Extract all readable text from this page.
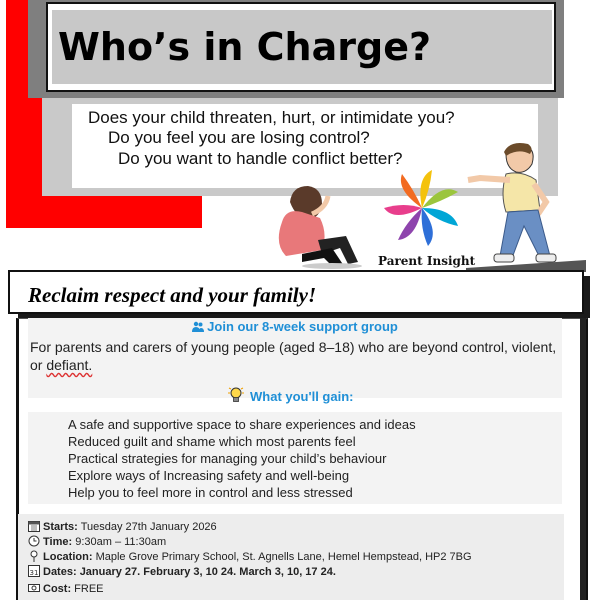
Who’s in Charge?
Does your child threaten, hurt, or intimidate you?
Do you feel you are losing control?
Do you want to handle conflict better?
Parent Insight
Reclaim respect and your family!
Join our 8-week support group
For parents and carers of young people (aged 8–18) who are beyond control, violent, or defiant.
What you'll gain:
A safe and supportive space to share experiences and ideas
Reduced guilt and shame which most parents feel
Practical strategies for managing your child’s behaviour
Explore ways of Increasing safety and well-being
Help you to feel more in control and less stressed
Starts: Tuesday 27th January 2026
Time: 9:30am – 11:30am
Location: Maple Grove Primary School, St. Agnells Lane, Hemel Hempstead, HP2 7BG
31 Dates: January 27. February 3, 10 24. March 3, 10, 17 24.
Cost: FREE
